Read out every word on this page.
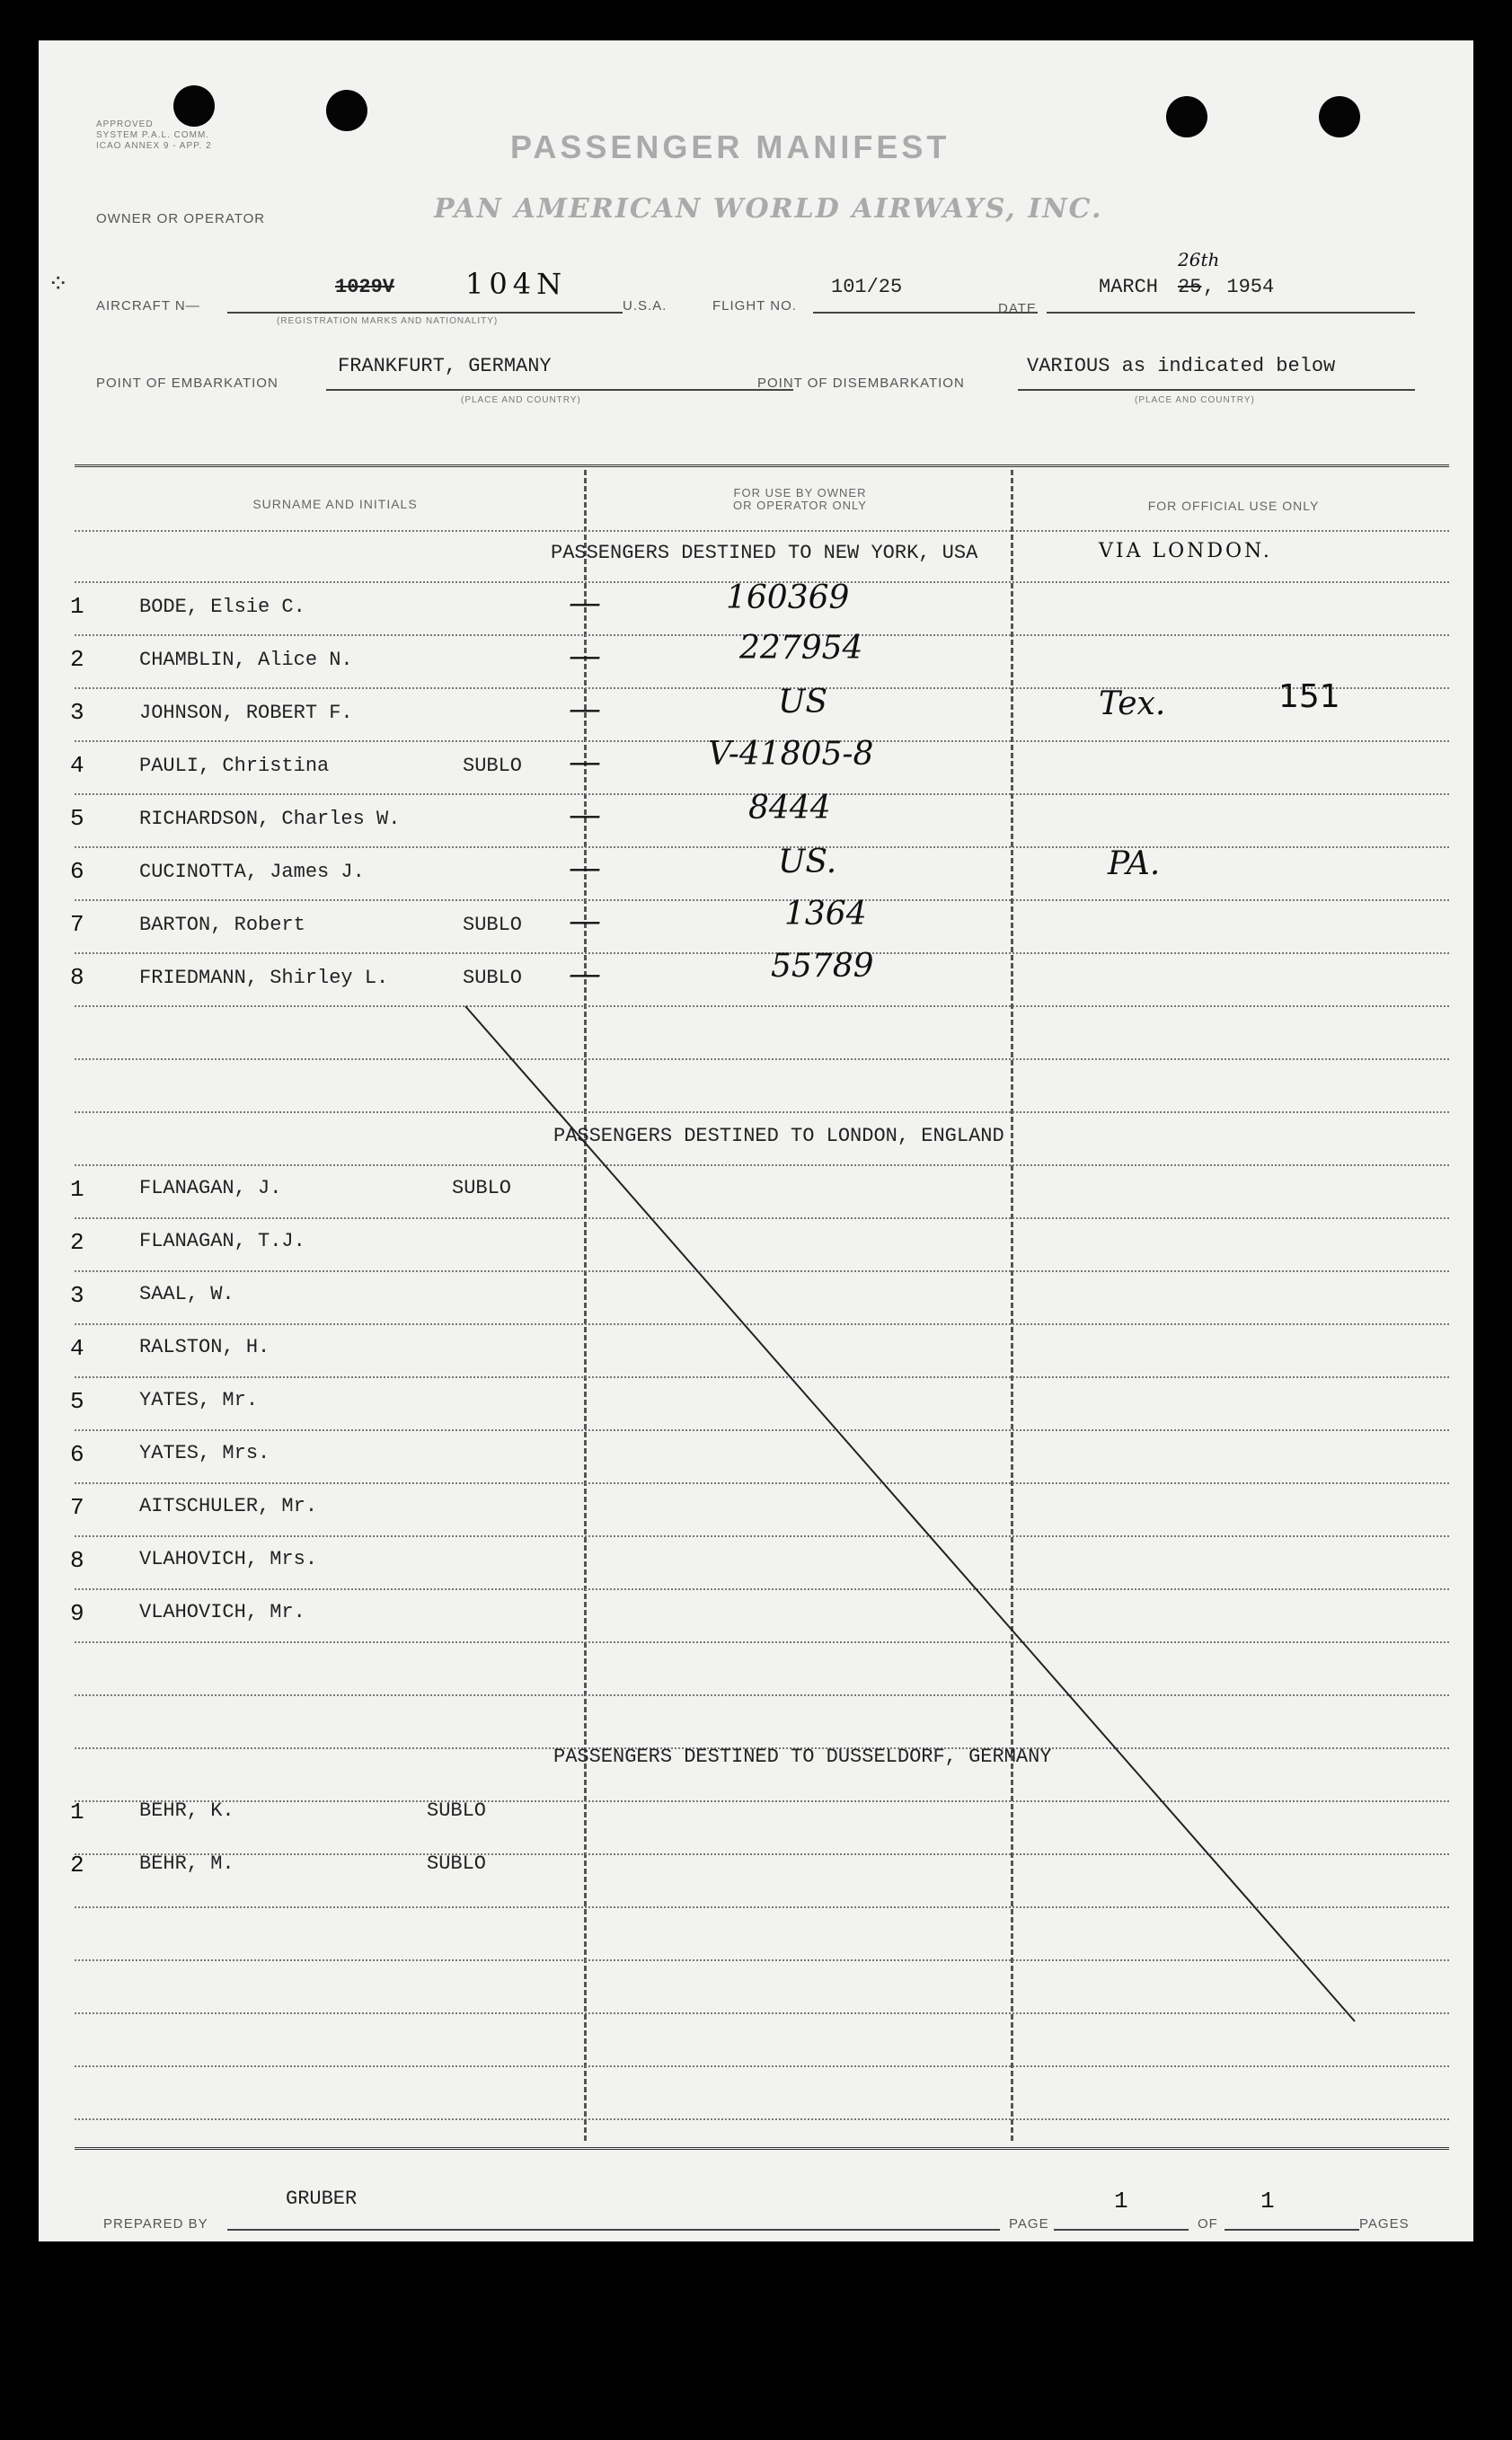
APPROVED
SYSTEM P.A.L. COMM.
ICAO ANNEX 9 - APP. 2	PASSENGER MANIFEST
OWNER OR OPERATOR	PAN AMERICAN WORLD AIRWAYS, INC.
⁘
AIRCRAFT N—
1029V 104N
(REGISTRATION MARKS AND NATIONALITY)
U.S.A.	FLIGHT NO.
101/25
DATE
MARCH 25
26th
, 1954
POINT OF EMBARKATION
FRANKFURT, GERMANY
(PLACE AND COUNTRY)
POINT OF DISEMBARKATION
VARIOUS as indicated below
(PLACE AND COUNTRY)
SURNAME AND INITIALS
FOR USE BY OWNER
OR OPERATOR ONLY	FOR OFFICIAL USE ONLY
PASSENGERS DESTINED TO NEW YORK, USA	VIA LONDON.
1	BODE, Elsie C.	—	160369
2	CHAMBLIN, Alice N.	—	227954
3	JOHNSON, ROBERT F.	—	US	Tex.	151
4	PAULI, Christina	SUBLO —	V-41805-8
5	RICHARDSON, Charles W.	—	8444
6	CUCINOTTA, James J.	—	US.	PA.
7	BARTON, Robert	SUBLO —	1364
8	FRIEDMANN, Shirley L.	SUBLO —	55789
PASSENGERS DESTINED TO LONDON, ENGLAND
1	FLANAGAN, J.	SUBLO
2	FLANAGAN, T.J.
3	SAAL, W.
4	RALSTON, H.
5	YATES, Mr.
6	YATES, Mrs.
7	AITSCHULER, Mr.
8	VLAHOVICH, Mrs.
9	VLAHOVICH, Mr.
PASSENGERS DESTINED TO DUSSELDORF, GERMANY
1	BEHR, K.	SUBLO
2	BEHR, M.	SUBLO
GRUBER
PREPARED BY	PAGE
1
OF
1
PAGES
